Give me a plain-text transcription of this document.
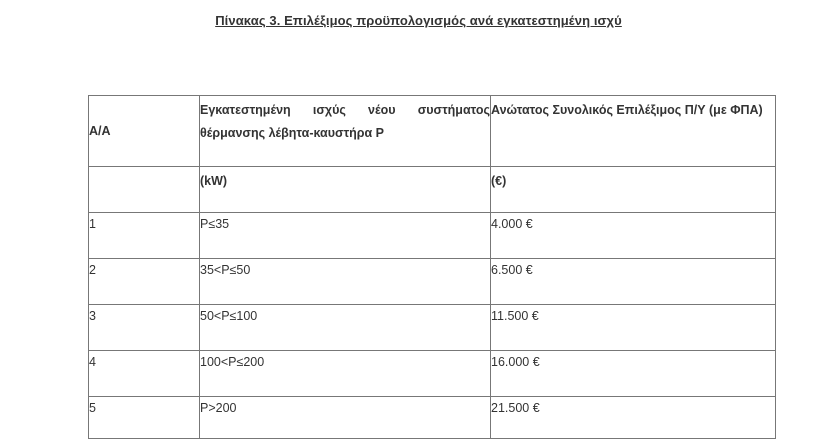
Πίνακας 3. Επιλέξιμος προϋπολογισμός ανά εγκατεστημένη ισχύ
Α/Α	Εγκατεστημένη ισχύς νέου συστήματος θέρμανσης λέβητα-καυστήρα P	Ανώτατος Συνολικός Επιλέξιμος Π/Υ (με ΦΠΑ)
	(kW)	(€)
1	P≤35	4.000 €
2	35<P≤50	6.500 €
3	50<P≤100	11.500 €
4	100<P≤200	16.000 €
5	P>200	21.500 €
